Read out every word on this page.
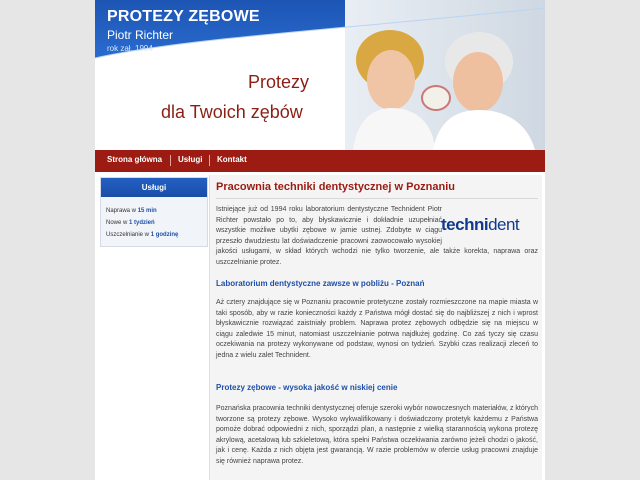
PROTEZY ZĘBOWE
Piotr Richter
rok zał. 1994
Protezy
dla Twoich zębów
Strona główna Usługi Kontakt
Usługi
Naprawa w 15 min
Nowe w 1 tydzień
Uszczelnianie w 1 godzinę
Pracownia techniki dentystycznej w Poznaniu
technident
Istniejące już od 1994 roku laboratorium dentystyczne Technident Piotr Richter powstało po to, aby błyskawicznie i dokładnie uzupełniać wszystkie możliwe ubytki zębowe w jamie ustnej. Zdobyte w ciągu przeszło dwudziestu lat doświadczenie pracowni zaowocowało wysokiej jakości usługami, w skład których wchodzi nie tylko tworzenie, ale także korekta, naprawa oraz uszczelnianie protez.
Laboratorium dentystyczne zawsze w pobliżu - Poznań
Aż cztery znajdujące się w Poznaniu pracownie protetyczne zostały rozmieszczone na mapie miasta w taki sposób, aby w razie konieczności każdy z Państwa mógł dostać się do najbliższej z nich i wprost błyskawicznie rozwiązać zaistniały problem. Naprawa protez zębowych odbędzie się na miejscu w ciągu zaledwie 15 minut, natomiast uszczelnianie potrwa najdłużej godzinę. Co zaś tyczy się czasu oczekiwania na protezy wykonywane od podstaw, wynosi on tydzień. Szybki czas realizacji zleceń to jedna z wielu zalet Technident.
Protezy zębowe - wysoka jakość w niskiej cenie
Poznańska pracownia techniki dentystycznej oferuje szeroki wybór nowoczesnych materiałów, z których tworzone są protezy zębowe. Wysoko wykwalifikowany i doświadczony protetyk każdemu z Państwa pomoże dobrać odpowiedni z nich, sporządzi plan, a następnie z wielką starannością wykona protezę akrylową, acetalową lub szkieletową, która spełni Państwa oczekiwania zarówno jeżeli chodzi o jakość, jak i cenę. Każda z nich objęta jest gwarancją. W razie problemów w ofercie usług pracowni znajduje się również naprawa protez.
